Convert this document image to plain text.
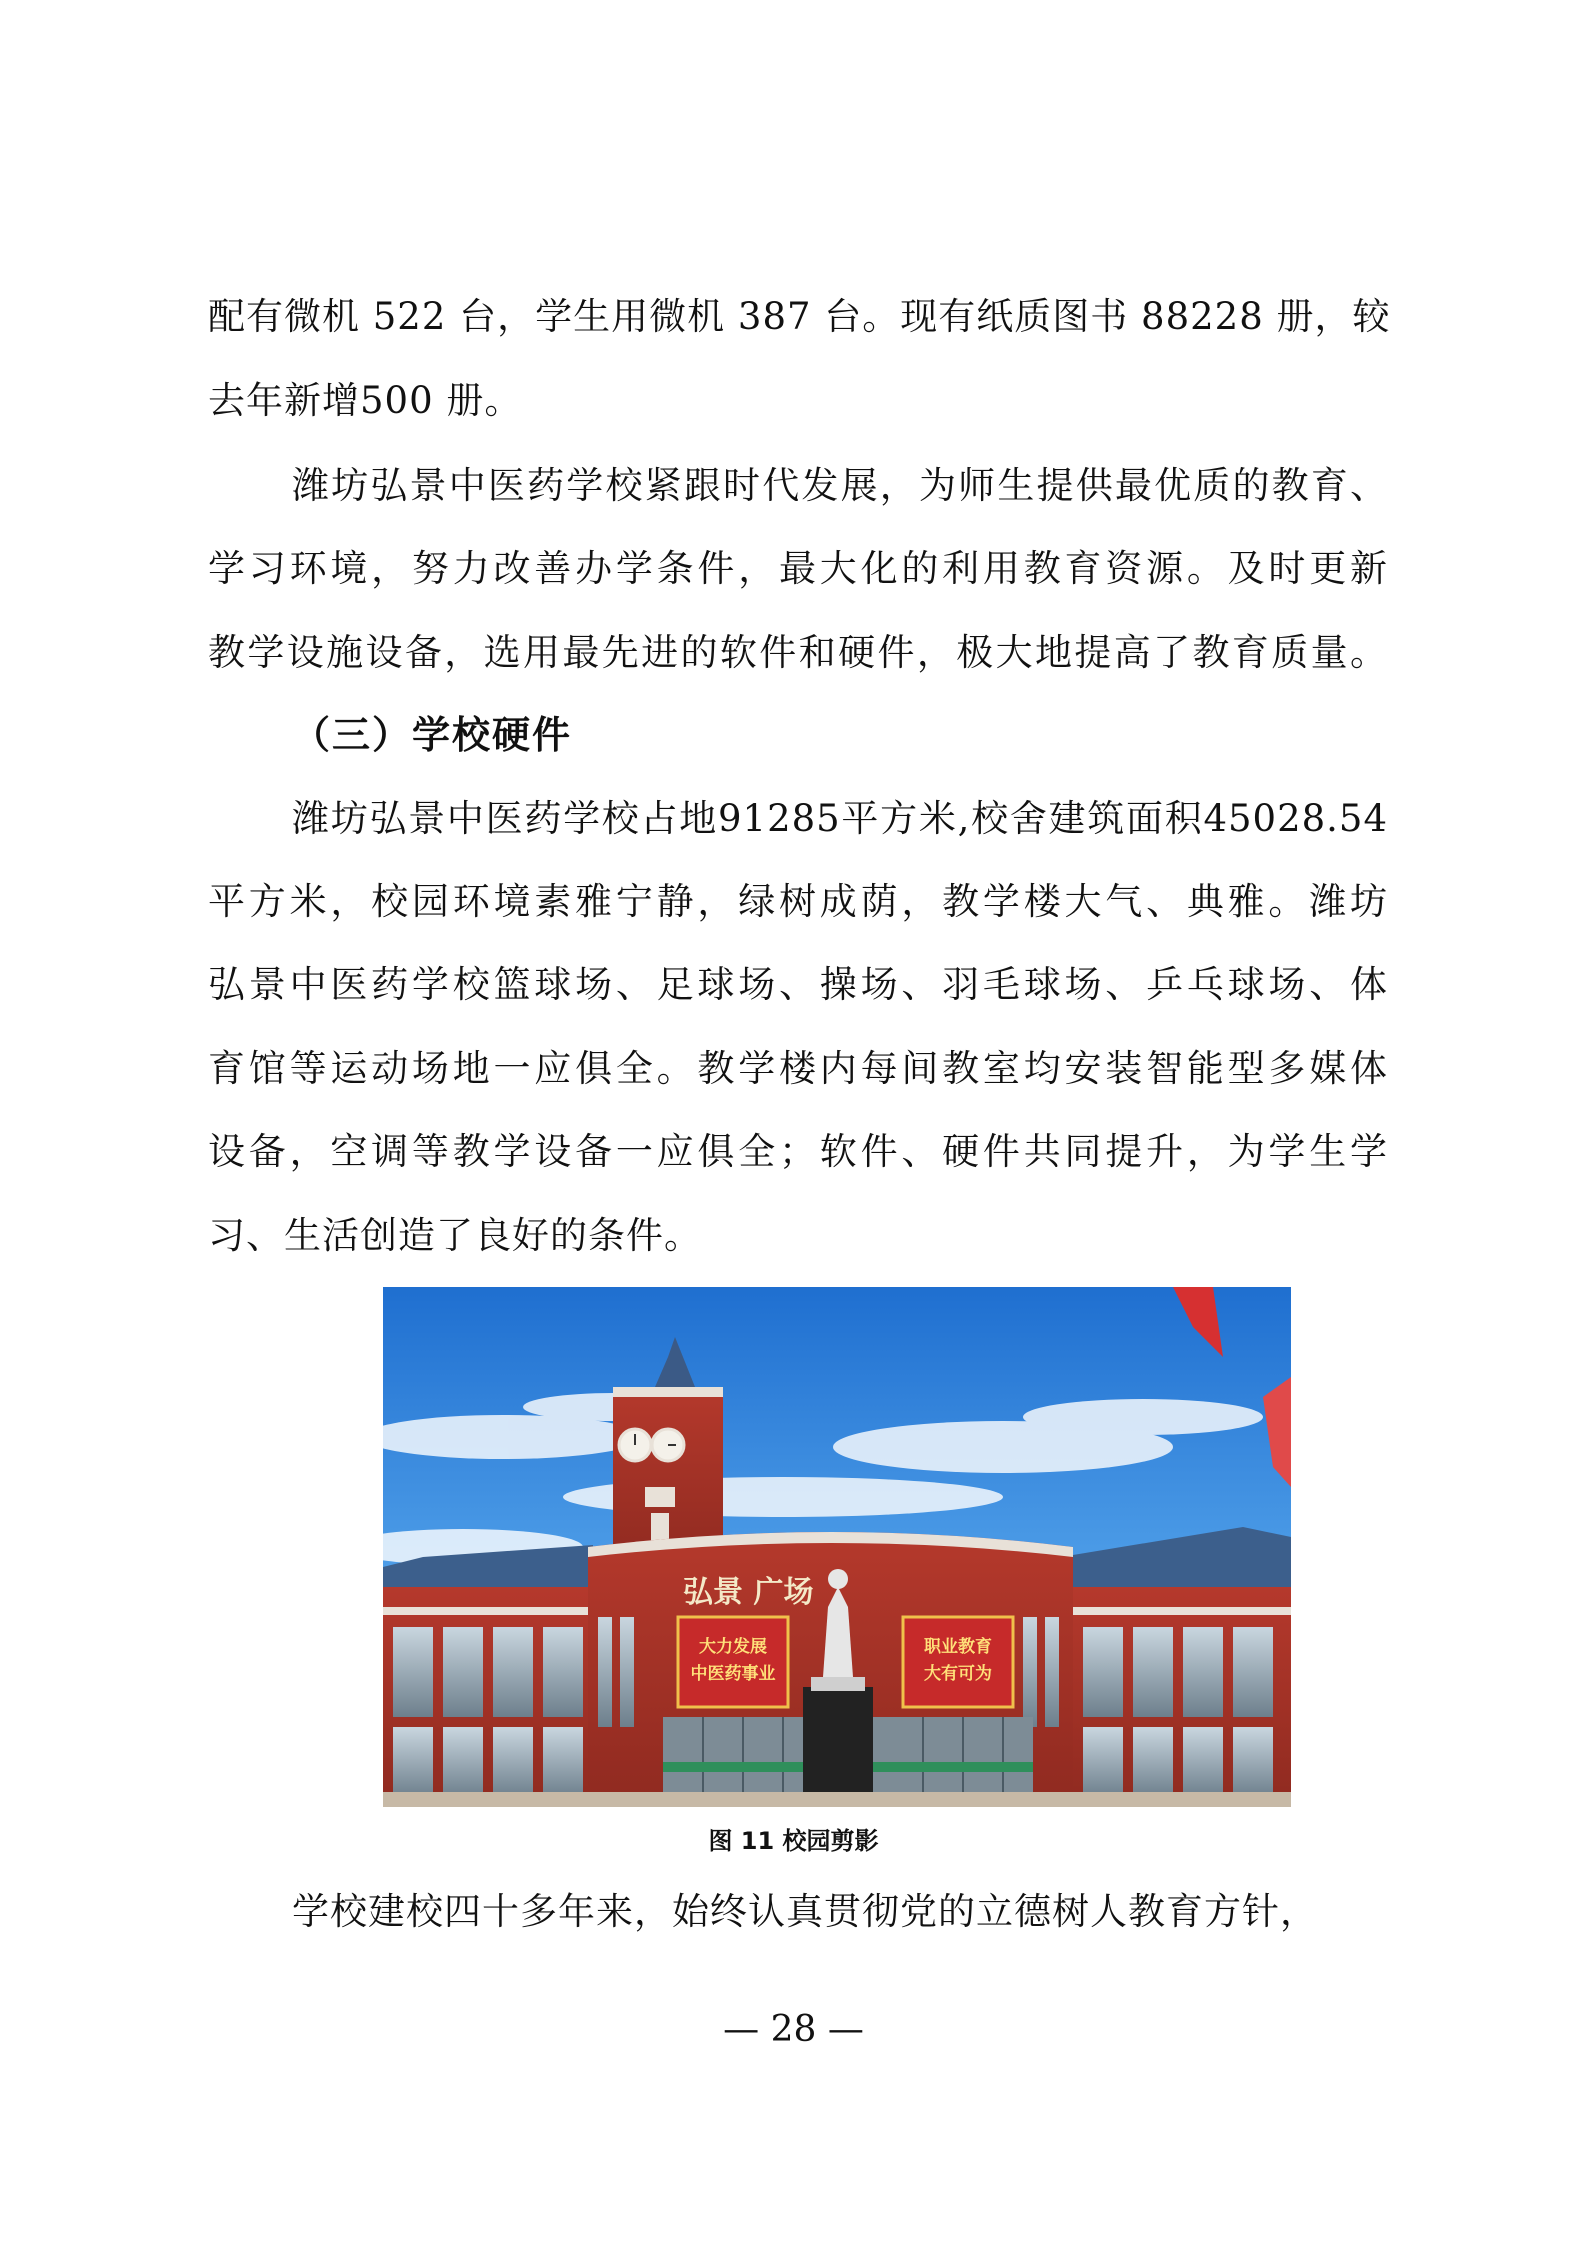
配有微机 522 台，学生用微机 387 台。现有纸质图书 88228 册，较
去年新增500 册。
潍坊弘景中医药学校紧跟时代发展，为师生提供最优质的教育、
学习环境，努力改善办学条件，最大化的利用教育资源。及时更新
教学设施设备，选用最先进的软件和硬件，极大地提高了教育质量。
（三）学校硬件
潍坊弘景中医药学校占地91285平方米,校舍建筑面积45028.54
平方米，校园环境素雅宁静，绿树成荫，教学楼大气、典雅。潍坊
弘景中医药学校篮球场、足球场、操场、羽毛球场、乒乓球场、体
育馆等运动场地一应俱全。教学楼内每间教室均安装智能型多媒体
设备，空调等教学设备一应俱全；软件、硬件共同提升，为学生学
习、生活创造了良好的条件。
弘景 广场
大力发展
中医药事业
职业教育
大有可为
图 11 校园剪影
学校建校四十多年来，始终认真贯彻党的立德树人教育方针，
— 28 —
